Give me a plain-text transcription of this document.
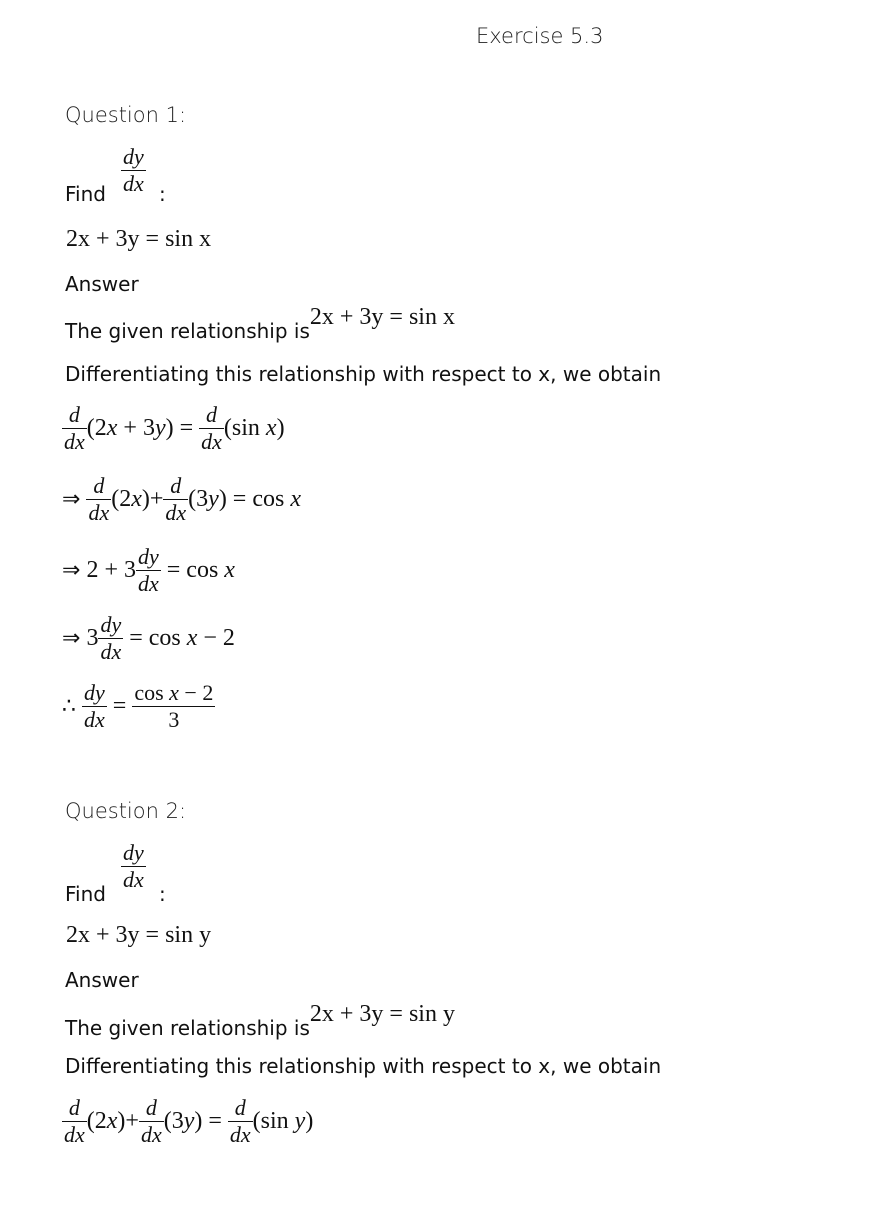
Exercise 5.3
Question 1:
Find $\frac{dy}{dx}$ :
2x + 3y = sin x
Answer
The given relationship is2x + 3y = sin x
Differentiating this relationship with respect to x, we obtain
$\frac{d}{dx} (2x + 3y) = \frac{d}{dx} (\sin$ x)
⇒ $\frac{d}{dx} (2x)+ \frac{d}{dx} (3y) = \cos x$
⇒ $2 + 3 \frac{dy}{dx} = \cos x$
⇒ $3 \frac{dy}{dx} = \cos x - 2$
∴ $\frac{dy}{dx} = \frac{\text{cos x − 2}}{3}$
Question 2:
Find
$\frac{dy}{dx}$
:
2x + 3y = sin y
Answer
The given relationship is2x + 3y = sin y
Differentiating this relationship with respect to x, we obtain
$\frac{d}{dx} (2x)+ \frac{d}{dx} (3y) = \frac{d}{dx} (\sin$ y)
